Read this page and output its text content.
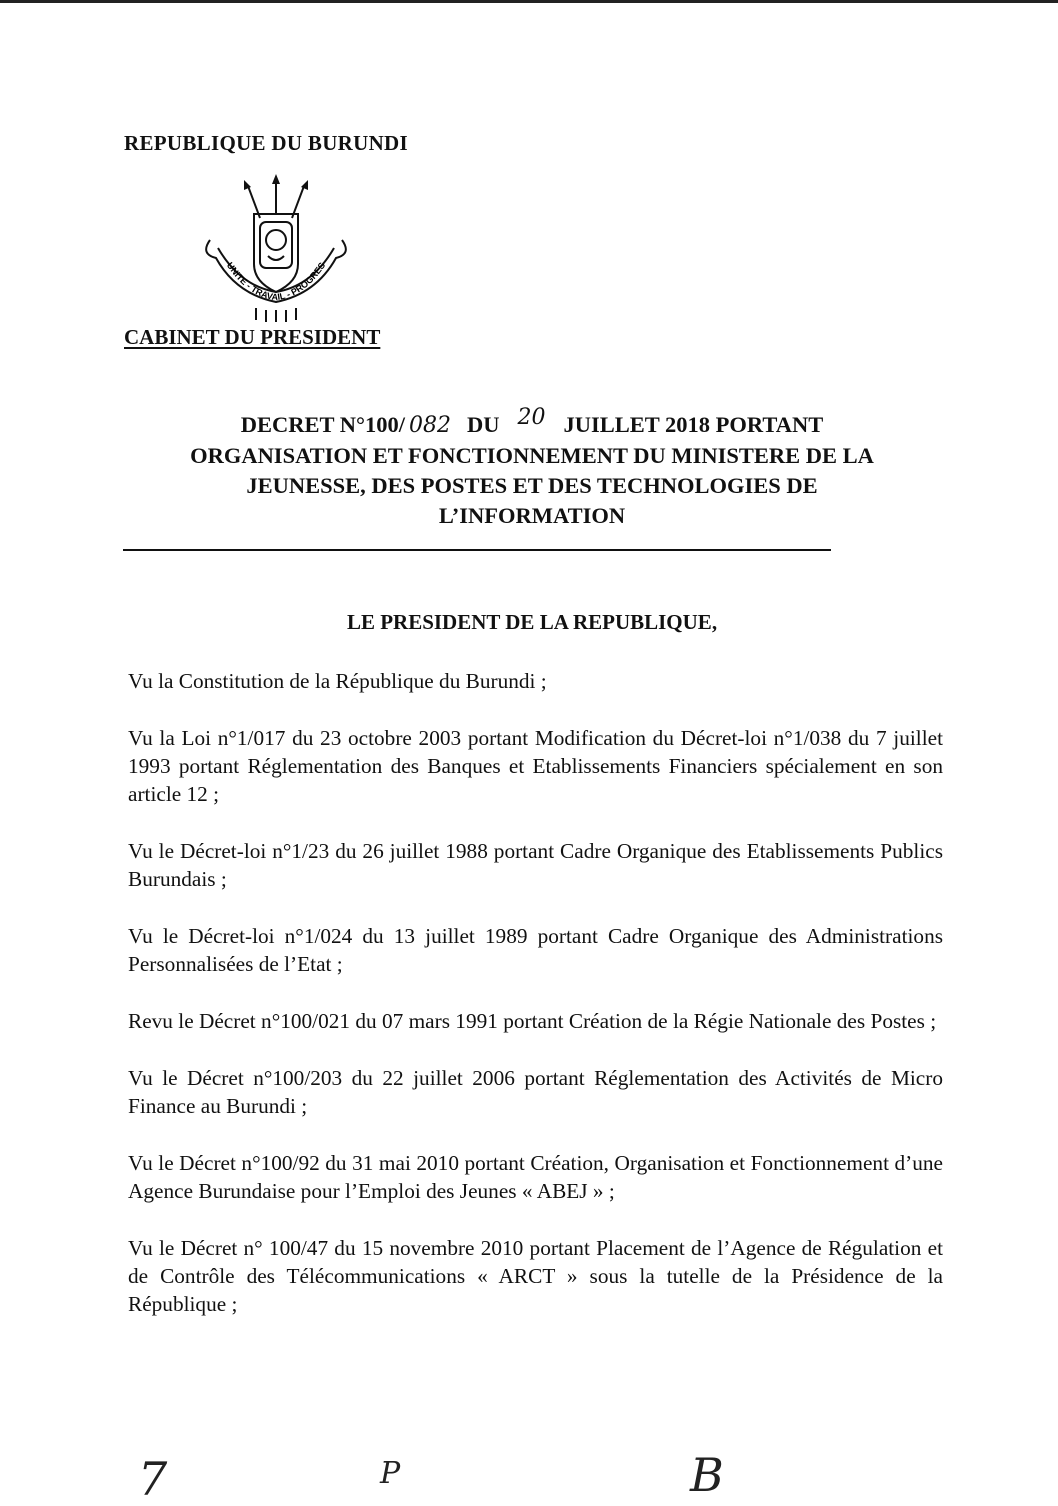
REPUBLIQUE DU BURUNDI
UNITE - TRAVAIL - PROGRES
CABINET DU PRESIDENT
DECRET N°100/ 082 DU 20 JUILLET 2018 PORTANT
ORGANISATION ET FONCTIONNEMENT DU MINISTERE DE LA
JEUNESSE, DES POSTES ET DES TECHNOLOGIES DE
L’INFORMATION
LE PRESIDENT DE LA REPUBLIQUE,

Vu la Constitution de la République du Burundi ;

Vu la Loi n°1/017 du 23 octobre 2003 portant Modification du Décret-loi n°1/038 du 7 juillet 1993 portant Réglementation des Banques et Etablissements Financiers spécialement en son article 12 ;

Vu le Décret-loi n°1/23 du 26 juillet 1988 portant Cadre Organique des Etablissements Publics Burundais ;

Vu le Décret-loi n°1/024 du 13 juillet 1989 portant Cadre Organique des Administrations Personnalisées de l’Etat ;

Revu le Décret n°100/021 du 07 mars 1991 portant Création de la Régie Nationale des Postes ;

Vu le Décret n°100/203 du 22 juillet 2006 portant Réglementation des Activités de Micro Finance au Burundi ;

Vu le Décret n°100/92 du 31 mai 2010 portant Création, Organisation et Fonctionnement d’une Agence Burundaise pour l’Emploi des Jeunes « ABEJ » ;

Vu le Décret n° 100/47 du 15 novembre 2010 portant Placement de l’Agence de Régulation et de Contrôle des Télécommunications « ARCT » sous la tutelle de la Présidence de la République ;

7	P	B
